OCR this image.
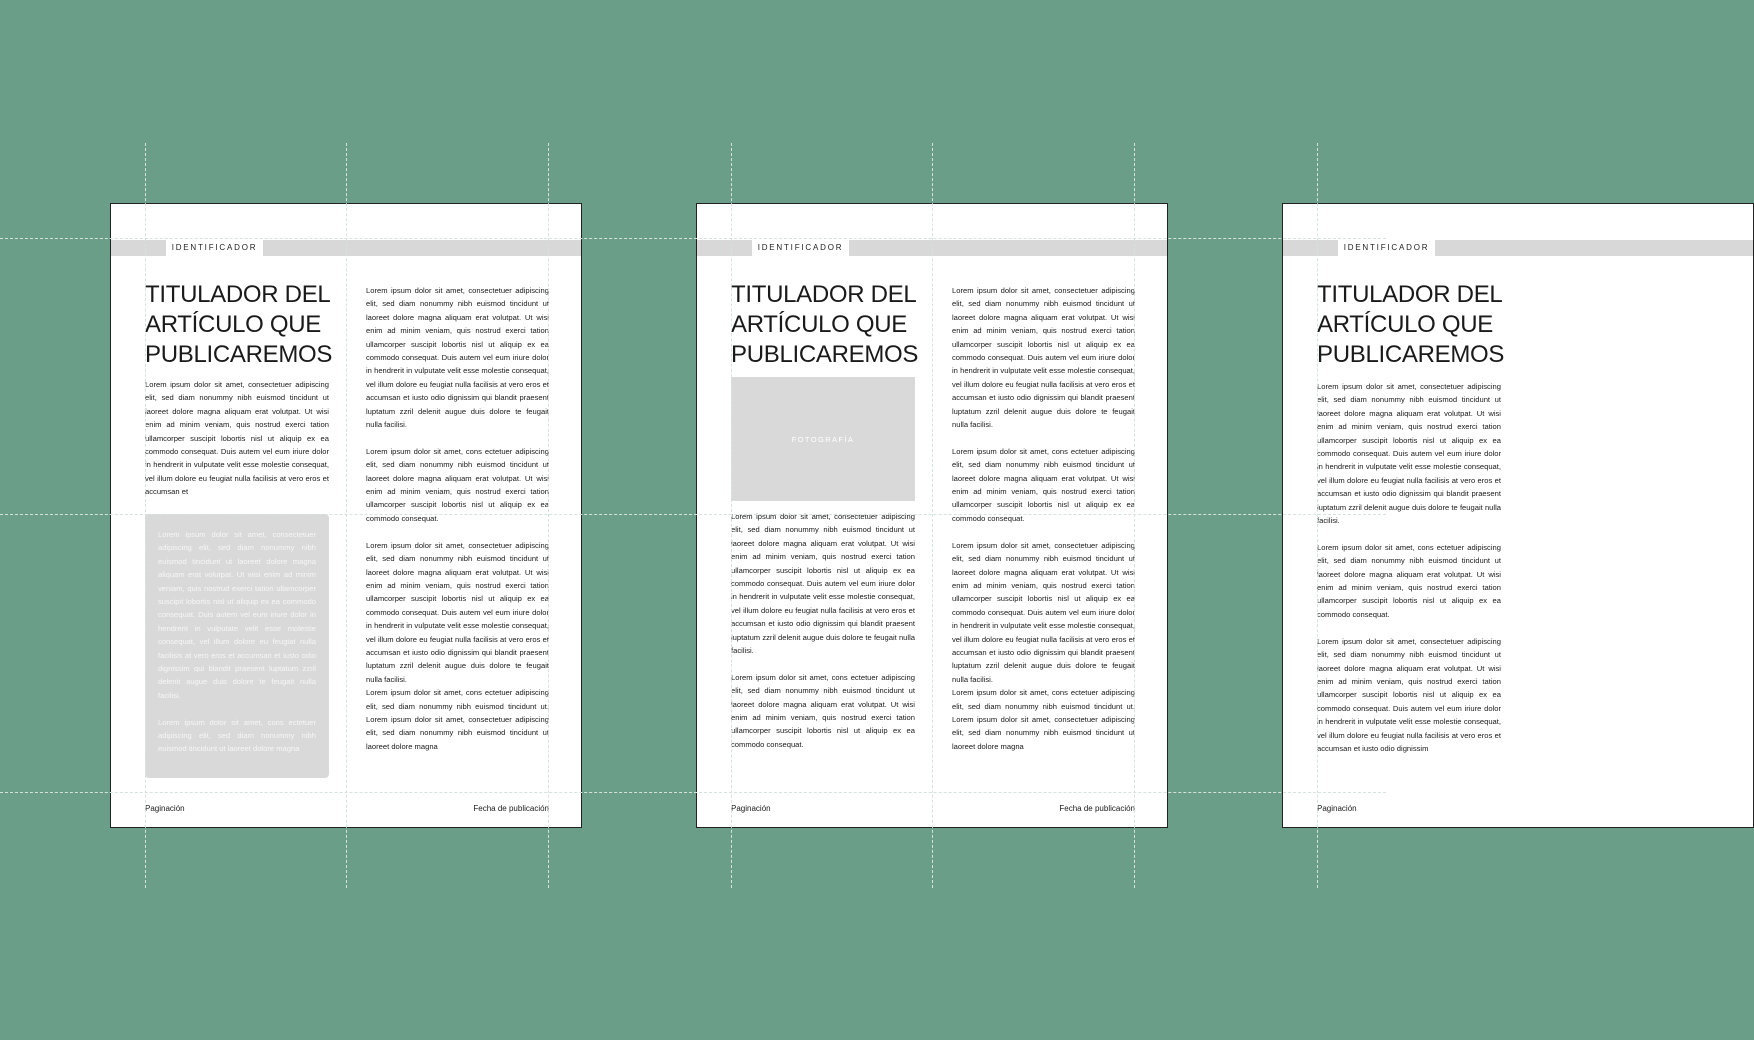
IDENTIFICADOR
TITULADOR DEL
ARTÍCULO QUE
PUBLICAREMOS

Lorem ipsum dolor sit amet, consectetuer adipiscing elit, sed diam nonummy nibh euismod tincidunt ut laoreet dolore magna aliquam erat volutpat. Ut wisi enim ad minim veniam, quis nostrud exerci tation ullamcorper suscipit lobortis nisl ut aliquip ex ea commodo consequat. Duis autem vel eum iriure dolor in hendrerit in vulputate velit esse molestie consequat, vel illum dolore eu feugiat nulla facilisis at vero eros et accumsan et

Lorem ipsum dolor sit amet, consectetuer adipiscing elit, sed diam nonummy nibh euismod tincidunt ut laoreet dolore magna aliquam erat volutpat. Ut wisi enim ad minim veniam, quis nostrud exerci tation ullamcorper suscipit lobortis nisl ut aliquip ex ea commodo consequat. Duis autem vel eum iriure dolor in hendrerit in vulputate velit esse molestie consequat, vel illum dolore eu feugiat nulla facilisis at vero eros et accumsan et iusto odio dignissim qui blandit praesent luptatum zzril delenit augue duis dolore te feugait nulla facilisi.

Lorem ipsum dolor sit amet, cons ectetuer adipiscing elit, sed diam nonummy nibh euismod tincidunt ut laoreet dolore magna

Lorem ipsum dolor sit amet, consectetuer adipiscing elit, sed diam nonummy nibh euismod tincidunt ut laoreet dolore magna aliquam erat volutpat. Ut wisi enim ad minim veniam, quis nostrud exerci tation ullamcorper suscipit lobortis nisl ut aliquip ex ea commodo consequat. Duis autem vel eum iriure dolor in hendrerit in vulputate velit esse molestie consequat, vel illum dolore eu feugiat nulla facilisis at vero eros et accumsan et iusto odio dignissim qui blandit praesent luptatum zzril delenit augue duis dolore te feugait nulla facilisi.

Lorem ipsum dolor sit amet, cons ectetuer adipiscing elit, sed diam nonummy nibh euismod tincidunt ut laoreet dolore magna aliquam erat volutpat. Ut wisi enim ad minim veniam, quis nostrud exerci tation ullamcorper suscipit lobortis nisl ut aliquip ex ea commodo consequat.

Lorem ipsum dolor sit amet, consectetuer adipiscing elit, sed diam nonummy nibh euismod tincidunt ut laoreet dolore magna aliquam erat volutpat. Ut wisi enim ad minim veniam, quis nostrud exerci tation ullamcorper suscipit lobortis nisl ut aliquip ex ea commodo consequat. Duis autem vel eum iriure dolor in hendrerit in vulputate velit esse molestie consequat, vel illum dolore eu feugiat nulla facilisis at vero eros et accumsan et iusto odio dignissim qui blandit praesent luptatum zzril delenit augue duis dolore te feugait nulla facilisi.

Lorem ipsum dolor sit amet, cons ectetuer adipiscing elit, sed diam nonummy nibh euismod tincidunt ut. Lorem ipsum dolor sit amet, consectetuer adipiscing elit, sed diam nonummy nibh euismod tincidunt ut laoreet dolore magna

Paginación	Fecha de publicación
IDENTIFICADOR
TITULADOR DEL
ARTÍCULO QUE
PUBLICAREMOS
FOTOGRAFÍA

Lorem ipsum dolor sit amet, consectetuer adipiscing elit, sed diam nonummy nibh euismod tincidunt ut laoreet dolore magna aliquam erat volutpat. Ut wisi enim ad minim veniam, quis nostrud exerci tation ullamcorper suscipit lobortis nisl ut aliquip ex ea commodo consequat. Duis autem vel eum iriure dolor in hendrerit in vulputate velit esse molestie consequat, vel illum dolore eu feugiat nulla facilisis at vero eros et accumsan et iusto odio dignissim qui blandit praesent luptatum zzril delenit augue duis dolore te feugait nulla facilisi.

Lorem ipsum dolor sit amet, cons ectetuer adipiscing elit, sed diam nonummy nibh euismod tincidunt ut laoreet dolore magna aliquam erat volutpat. Ut wisi enim ad minim veniam, quis nostrud exerci tation ullamcorper suscipit lobortis nisl ut aliquip ex ea commodo consequat.

Lorem ipsum dolor sit amet, consectetuer adipiscing elit, sed diam nonummy nibh euismod tincidunt ut laoreet dolore magna aliquam erat volutpat. Ut wisi enim ad minim veniam, quis nostrud exerci tation ullamcorper suscipit lobortis nisl ut aliquip ex ea commodo consequat. Duis autem vel eum iriure dolor in hendrerit in vulputate velit esse molestie consequat, vel illum dolore eu feugiat nulla facilisis at vero eros et accumsan et iusto odio dignissim qui blandit praesent luptatum zzril delenit augue duis dolore te feugait nulla facilisi.

Lorem ipsum dolor sit amet, cons ectetuer adipiscing elit, sed diam nonummy nibh euismod tincidunt ut laoreet dolore magna aliquam erat volutpat. Ut wisi enim ad minim veniam, quis nostrud exerci tation ullamcorper suscipit lobortis nisl ut aliquip ex ea commodo consequat.

Lorem ipsum dolor sit amet, consectetuer adipiscing elit, sed diam nonummy nibh euismod tincidunt ut laoreet dolore magna aliquam erat volutpat. Ut wisi enim ad minim veniam, quis nostrud exerci tation ullamcorper suscipit lobortis nisl ut aliquip ex ea commodo consequat. Duis autem vel eum iriure dolor in hendrerit in vulputate velit esse molestie consequat, vel illum dolore eu feugiat nulla facilisis at vero eros et accumsan et iusto odio dignissim qui blandit praesent luptatum zzril delenit augue duis dolore te feugait nulla facilisi.

Lorem ipsum dolor sit amet, cons ectetuer adipiscing elit, sed diam nonummy nibh euismod tincidunt ut. Lorem ipsum dolor sit amet, consectetuer adipiscing elit, sed diam nonummy nibh euismod tincidunt ut laoreet dolore magna

Paginación	Fecha de publicación
IDENTIFICADOR
TITULADOR DEL
ARTÍCULO QUE
PUBLICAREMOS

Lorem ipsum dolor sit amet, consectetuer adipiscing elit, sed diam nonummy nibh euismod tincidunt ut laoreet dolore magna aliquam erat volutpat. Ut wisi enim ad minim veniam, quis nostrud exerci tation ullamcorper suscipit lobortis nisl ut aliquip ex ea commodo consequat. Duis autem vel eum iriure dolor in hendrerit in vulputate velit esse molestie consequat, vel illum dolore eu feugiat nulla facilisis at vero eros et accumsan et iusto odio dignissim qui blandit praesent luptatum zzril delenit augue duis dolore te feugait nulla facilisi.

Lorem ipsum dolor sit amet, cons ectetuer adipiscing elit, sed diam nonummy nibh euismod tincidunt ut laoreet dolore magna aliquam erat volutpat. Ut wisi enim ad minim veniam, quis nostrud exerci tation ullamcorper suscipit lobortis nisl ut aliquip ex ea commodo consequat.

Lorem ipsum dolor sit amet, consectetuer adipiscing elit, sed diam nonummy nibh euismod tincidunt ut laoreet dolore magna aliquam erat volutpat. Ut wisi enim ad minim veniam, quis nostrud exerci tation ullamcorper suscipit lobortis nisl ut aliquip ex ea commodo consequat. Duis autem vel eum iriure dolor in hendrerit in vulputate velit esse molestie consequat, vel illum dolore eu feugiat nulla facilisis at vero eros et accumsan et iusto odio dignissim

Paginación
